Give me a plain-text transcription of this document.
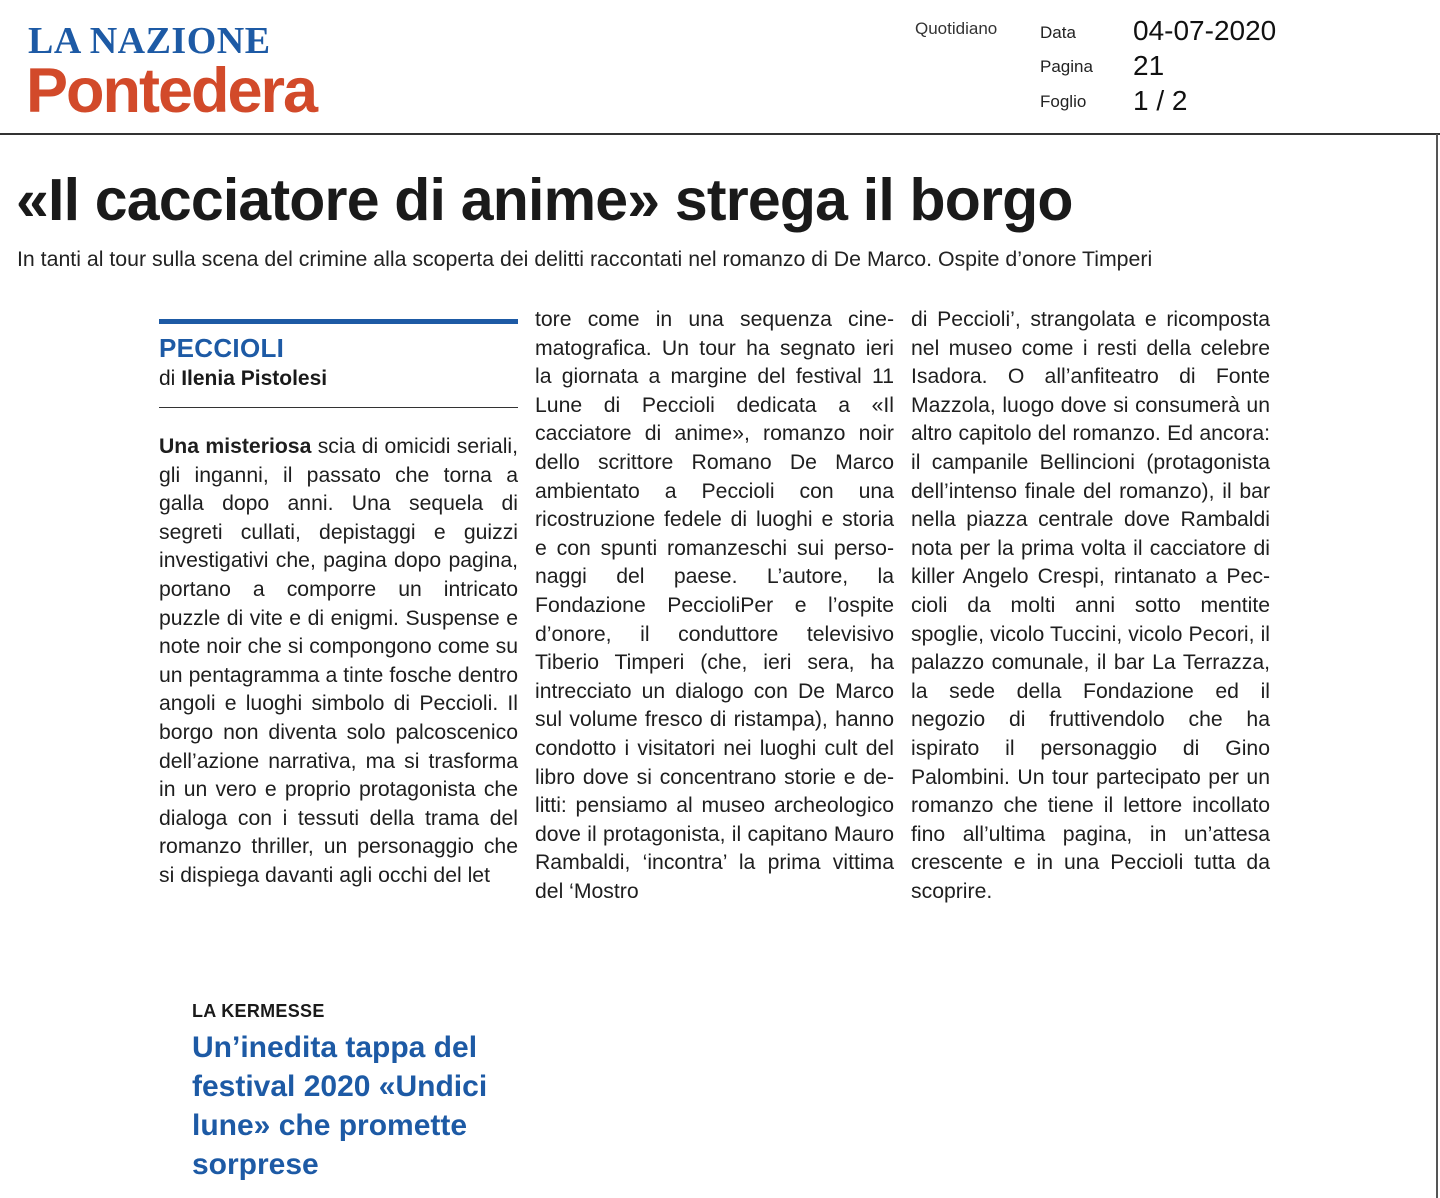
LA NAZIONE
Pontedera
Quotidiano	Data 04-07-2020
Pagina 21
Foglio 1 / 2
«Il cacciatore di anime» strega il borgo

In tanti al tour sulla scena del crimine alla scoperta dei delitti raccontati nel romanzo di De Marco. Ospite d’onore Timperi

PECCIOLI
di Ilenia Pistolesi

Una misteriosa scia di omicidi seriali, gli inganni, il passato che torna a galla dopo anni. Una sequela di segreti cullati, depistaggi e guizzi investigativi che, pagina dopo pagina, portano a comporre un intricato puzzle di vite e di enigmi. Suspense e note noir che si compongono come su un pentagramma a tinte fosche dentro angoli e luoghi simbolo di Peccioli. Il borgo non diventa solo palcoscenico dell’azione narrativa, ma si trasforma in un vero e proprio protagonista che dialoga con i tessuti della trama del romanzo thriller, un personaggio che si dispiega davanti agli occhi del let

tore come in una sequenza cinematografica. Un tour ha segnato ieri la giornata a margine del festival 11 Lune di Peccioli dedicata a «Il cacciatore di anime», romanzo noir dello scrittore Romano De Marco ambientato a Peccioli con una ricostruzione fedele di luoghi e storia e con spunti romanzeschi sui personaggi del paese. L’autore, la Fondazione PeccioliPer e l’ospite d’onore, il conduttore televisivo Tiberio Timperi (che, ieri sera, ha intrecciato un dialogo con De Marco sul volume fresco di ristampa), hanno condotto i visitatori nei luoghi cult del libro dove si concentrano storie e delitti: pensiamo al museo archeologico dove il protagonista, il capitano Mauro Rambaldi, ‘incontra’ la prima vittima del ‘Mostro

di Peccioli’, strangolata e ricomposta nel museo come i resti della celebre Isadora. O all’anfiteatro di Fonte Mazzola, luogo dove si consumerà un altro capitolo del romanzo. Ed ancora: il campanile Bellincioni (protagonista dell’intenso finale del romanzo), il bar nella piazza centrale dove Rambaldi nota per la prima volta il cacciatore di killer Angelo Crespi, rintanato a Peccioli da molti anni sotto mentite spoglie, vicolo Tuccini, vicolo Pecori, il palazzo comunale, il bar La Terrazza, la sede della Fondazione ed il negozio di fruttivendolo che ha ispirato il personaggio di Gino Palombini. Un tour partecipato per un romanzo che tiene il lettore incollato fino all’ultima pagina, in un’attesa crescente e in una Peccioli tutta da scoprire.

LA KERMESSE
Un’inedita tappa del festival 2020 «Undici lune» che promette sorprese
